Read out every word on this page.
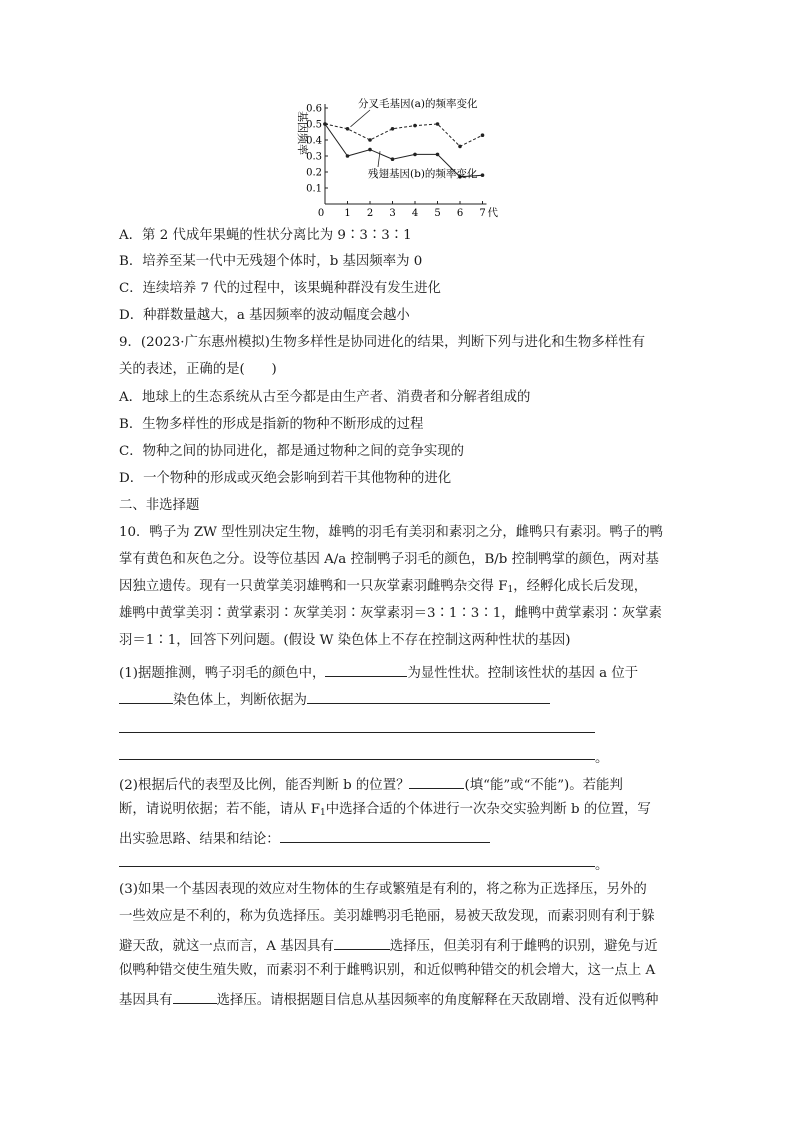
0.1
0.2
0.3
0.4
0.5
0.6
1 2 3 4 5 6 7
0	代
分叉毛基因(a)的频率变化
残翅基因(b)的频率变化
基因频率
A．第 2 代成年果蝇的性状分离比为 9∶3∶3∶1
B．培养至某一代中无残翅个体时，b 基因频率为 0
C．连续培养 7 代的过程中，该果蝇种群没有发生进化
D．种群数量越大，a 基因频率的波动幅度会越小
9．(2023·广东惠州模拟)生物多样性是协同进化的结果，判断下列与进化和生物多样性有
关的表述，正确的是(　　)
A．地球上的生态系统从古至今都是由生产者、消费者和分解者组成的
B．生物多样性的形成是指新的物种不断形成的过程
C．物种之间的协同进化，都是通过物种之间的竞争实现的
D．一个物种的形成或灭绝会影响到若干其他物种的进化
二、非选择题
10．鸭子为 ZW 型性别决定生物，雄鸭的羽毛有美羽和素羽之分，雌鸭只有素羽。鸭子的鸭
掌有黄色和灰色之分。设等位基因 A/a 控制鸭子羽毛的颜色，B/b 控制鸭掌的颜色，两对基
因独立遗传。现有一只黄掌美羽雄鸭和一只灰掌素羽雌鸭杂交得 $F_1$，经孵化成长后发现，
雄鸭中黄掌美羽∶黄掌素羽∶灰掌美羽∶灰掌素羽＝3∶1∶3∶1，雌鸭中黄掌素羽∶灰掌素
羽＝1∶1，回答下列问题。(假设 W 染色体上不存在控制这两种性状的基因)
(1)据题推测，鸭子羽毛的颜色中，	为显性性状。控制该性状的基因 a 位于
染色体上，判断依据为
。
(2)根据后代的表型及比例，能否判断 b 的位置？	(填“能”或“不能”)。若能判
断，请说明依据；若不能，请从 $F_1$中选择合适的个体进行一次杂交实验判断 b 的位置，写
出实验思路、结果和结论：
。
(3)如果一个基因表现的效应对生物体的生存或繁殖是有利的，将之称为正选择压，另外的
一些效应是不利的，称为负选择压。美羽雄鸭羽毛艳丽，易被天敌发现，而素羽则有利于躲
避天敌，就这一点而言，A 基因具有	选择压，但美羽有利于雌鸭的识别，避免与近
似鸭种错交使生殖失败，而素羽不利于雌鸭识别，和近似鸭种错交的机会增大，这一点上 A
基因具有	选择压。请根据题目信息从基因频率的角度解释在天敌剧增、没有近似鸭种
